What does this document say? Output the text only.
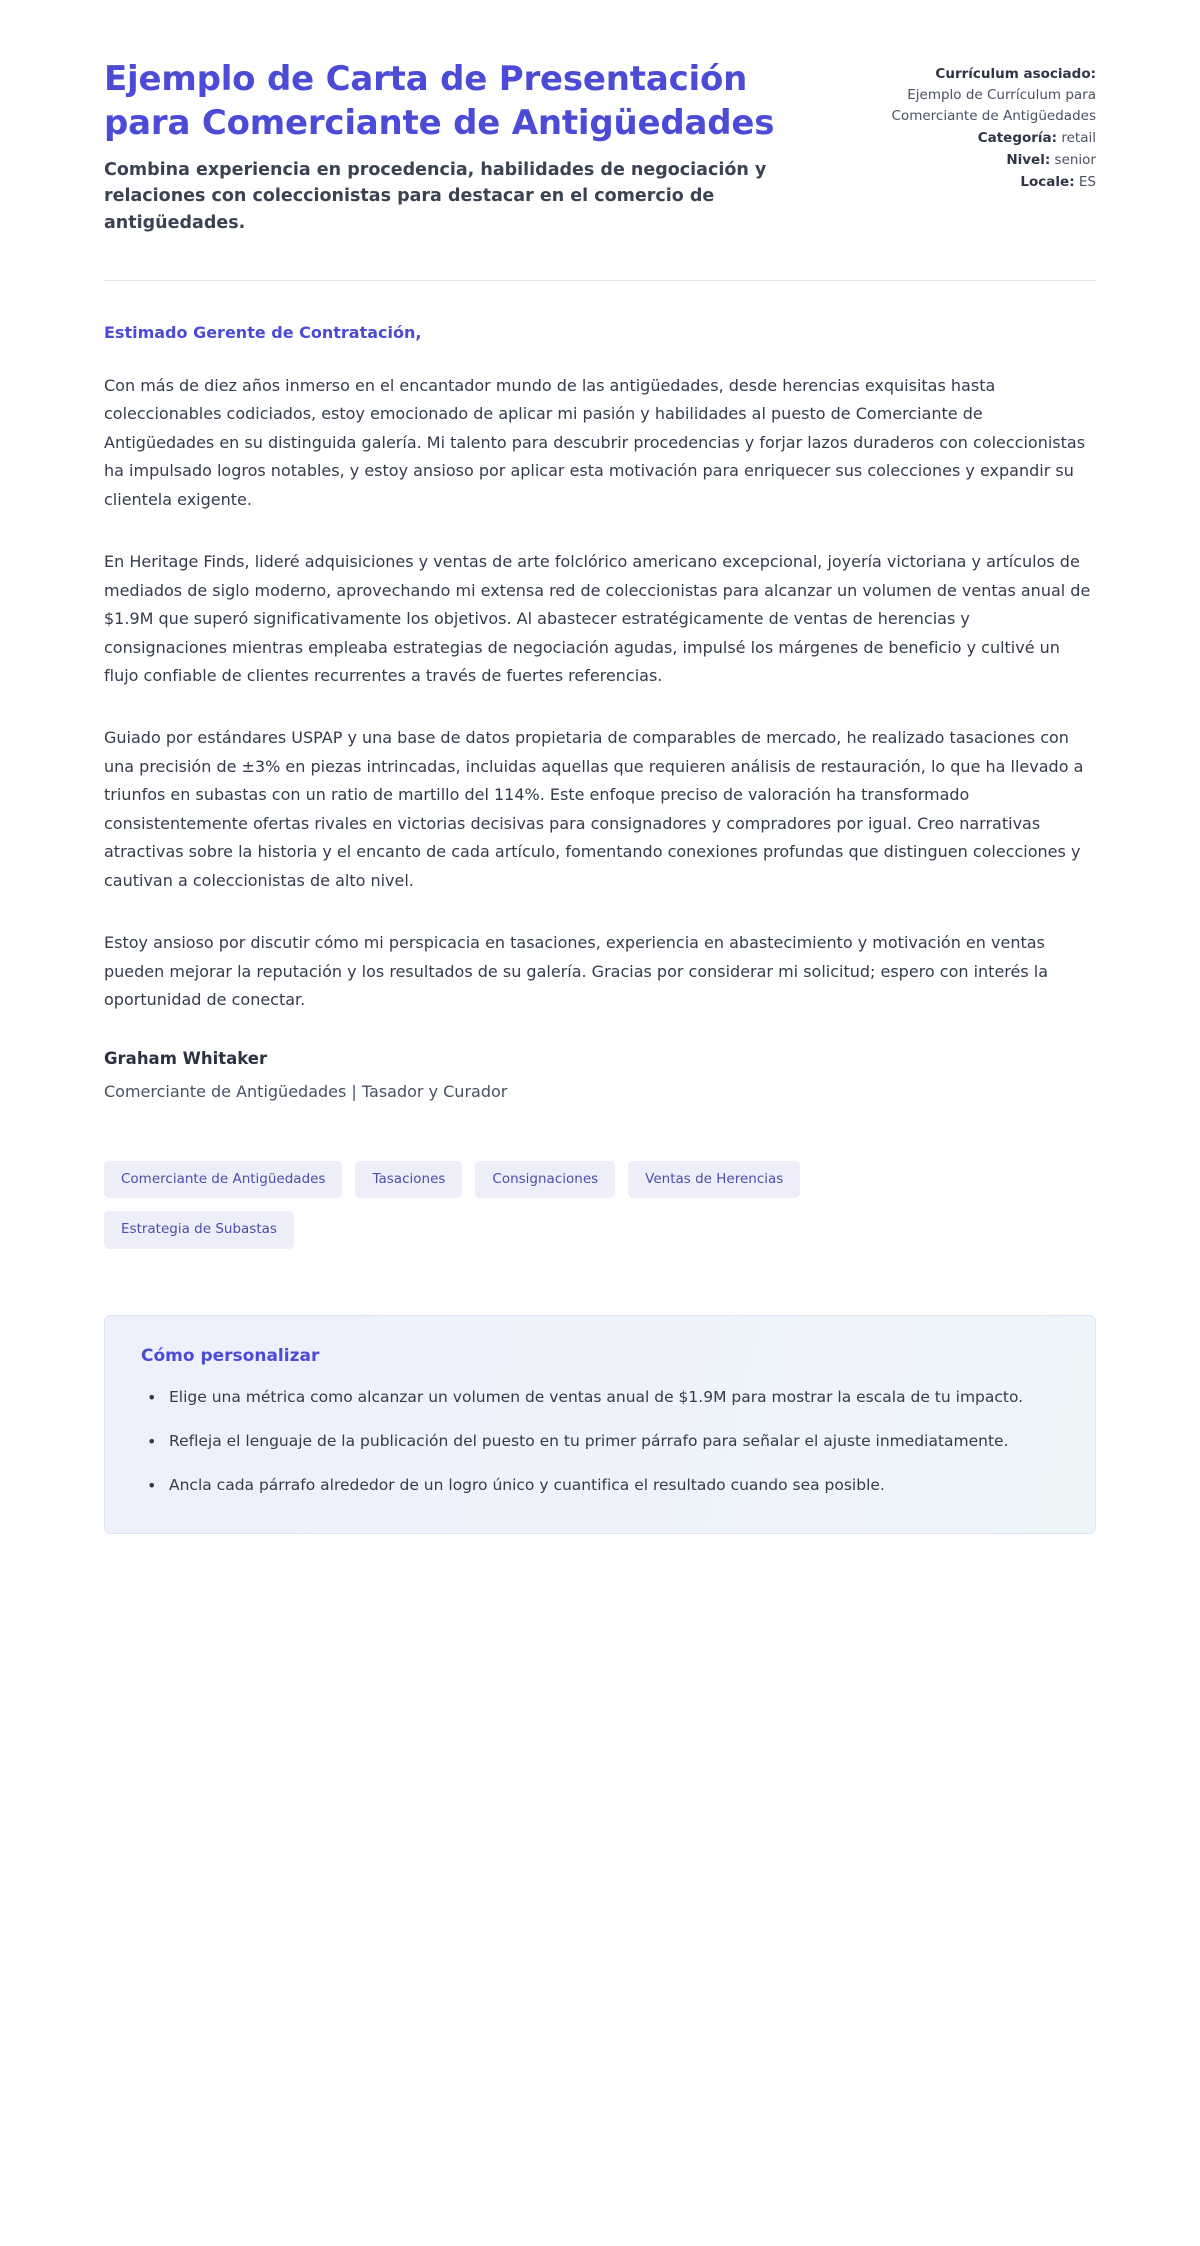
Ejemplo de Carta de Presentación para Comerciante de Antigüedades

Combina experiencia en procedencia, habilidades de negociación y relaciones con coleccionistas para destacar en el comercio de antigüedades.

Currículum asociado:
Ejemplo de Currículum para Comerciante de Antigüedades
Categoría: retail
Nivel: senior
Locale: ES

Estimado Gerente de Contratación,

Con más de diez años inmerso en el encantador mundo de las antigüedades, desde herencias exquisitas hasta coleccionables codiciados, estoy emocionado de aplicar mi pasión y habilidades al puesto de Comerciante de Antigüedades en su distinguida galería. Mi talento para descubrir procedencias y forjar lazos duraderos con coleccionistas ha impulsado logros notables, y estoy ansioso por aplicar esta motivación para enriquecer sus colecciones y expandir su clientela exigente.

En Heritage Finds, lideré adquisiciones y ventas de arte folclórico americano excepcional, joyería victoriana y artículos de mediados de siglo moderno, aprovechando mi extensa red de coleccionistas para alcanzar un volumen de ventas anual de $1.9M que superó significativamente los objetivos. Al abastecer estratégicamente de ventas de herencias y consignaciones mientras empleaba estrategias de negociación agudas, impulsé los márgenes de beneficio y cultivé un flujo confiable de clientes recurrentes a través de fuertes referencias.

Guiado por estándares USPAP y una base de datos propietaria de comparables de mercado, he realizado tasaciones con una precisión de ±3% en piezas intrincadas, incluidas aquellas que requieren análisis de restauración, lo que ha llevado a triunfos en subastas con un ratio de martillo del 114%. Este enfoque preciso de valoración ha transformado consistentemente ofertas rivales en victorias decisivas para consignadores y compradores por igual. Creo narrativas atractivas sobre la historia y el encanto de cada artículo, fomentando conexiones profundas que distinguen colecciones y cautivan a coleccionistas de alto nivel.

Estoy ansioso por discutir cómo mi perspicacia en tasaciones, experiencia en abastecimiento y motivación en ventas pueden mejorar la reputación y los resultados de su galería. Gracias por considerar mi solicitud; espero con interés la oportunidad de conectar.

Graham Whitaker

Comerciante de Antigüedades | Tasador y Curador

Comerciante de Antigüedades	Tasaciones	Consignaciones	Ventas de Herencias
Estrategia de Subastas
Cómo personalizar
• Elige una métrica como alcanzar un volumen de ventas anual de $1.9M para mostrar la escala de tu impacto.
• Refleja el lenguaje de la publicación del puesto en tu primer párrafo para señalar el ajuste inmediatamente.
• Ancla cada párrafo alrededor de un logro único y cuantifica el resultado cuando sea posible.
